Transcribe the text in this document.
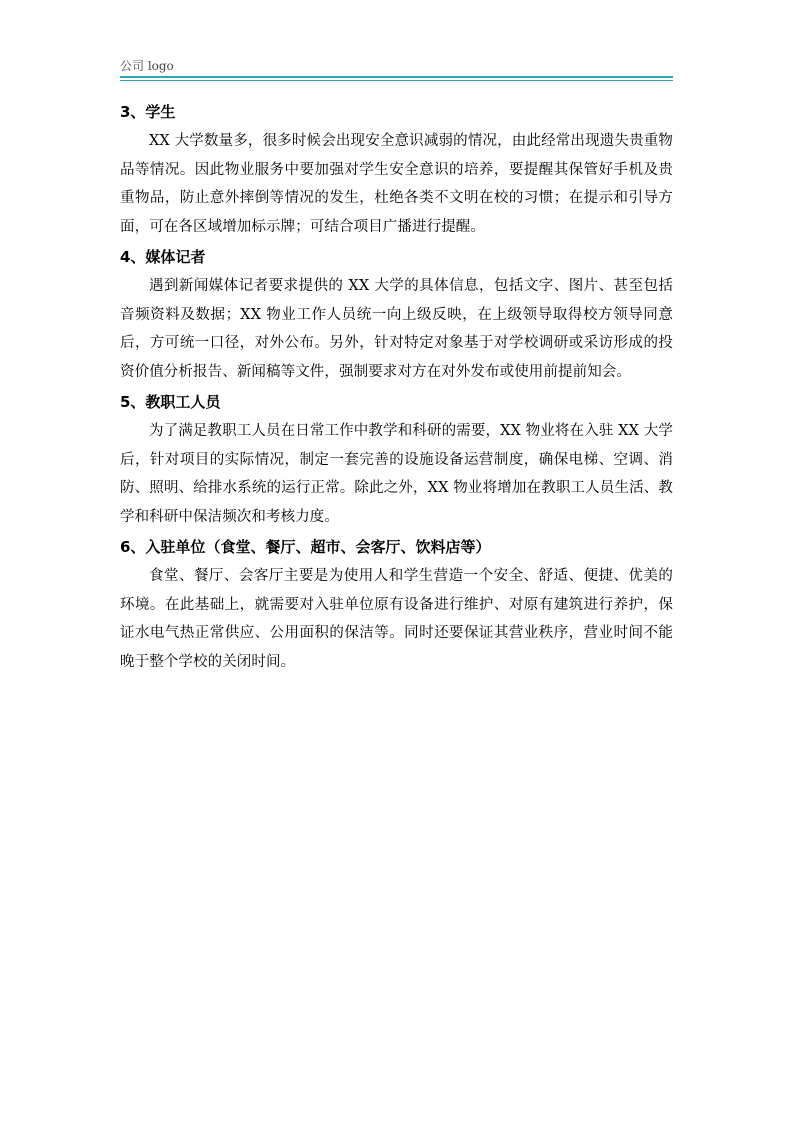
公司 logo
3、学生

XX 大学数量多，很多时候会出现安全意识减弱的情况，由此经常出现遗失贵重物品等情况。因此物业服务中要加强对学生安全意识的培养，要提醒其保管好手机及贵重物品，防止意外摔倒等情况的发生，杜绝各类不文明在校的习惯；在提示和引导方面，可在各区域增加标示牌；可结合项目广播进行提醒。

4、媒体记者

遇到新闻媒体记者要求提供的 XX 大学的具体信息，包括文字、图片、甚至包括音频资料及数据；XX 物业工作人员统一向上级反映，在上级领导取得校方领导同意后，方可统一口径，对外公布。另外，针对特定对象基于对学校调研或采访形成的投资价值分析报告、新闻稿等文件，强制要求对方在对外发布或使用前提前知会。

5、教职工人员

为了满足教职工人员在日常工作中教学和科研的需要，XX 物业将在入驻 XX 大学后，针对项目的实际情况，制定一套完善的设施设备运营制度，确保电梯、空调、消防、照明、给排水系统的运行正常。除此之外，XX 物业将增加在教职工人员生活、教学和科研中保洁频次和考核力度。

6、入驻单位（食堂、餐厅、超市、会客厅、饮料店等）

食堂、餐厅、会客厅主要是为使用人和学生营造一个安全、舒适、便捷、优美的环境。在此基础上，就需要对入驻单位原有设备进行维护、对原有建筑进行养护，保证水电气热正常供应、公用面积的保洁等。同时还要保证其营业秩序，营业时间不能晚于整个学校的关闭时间。
